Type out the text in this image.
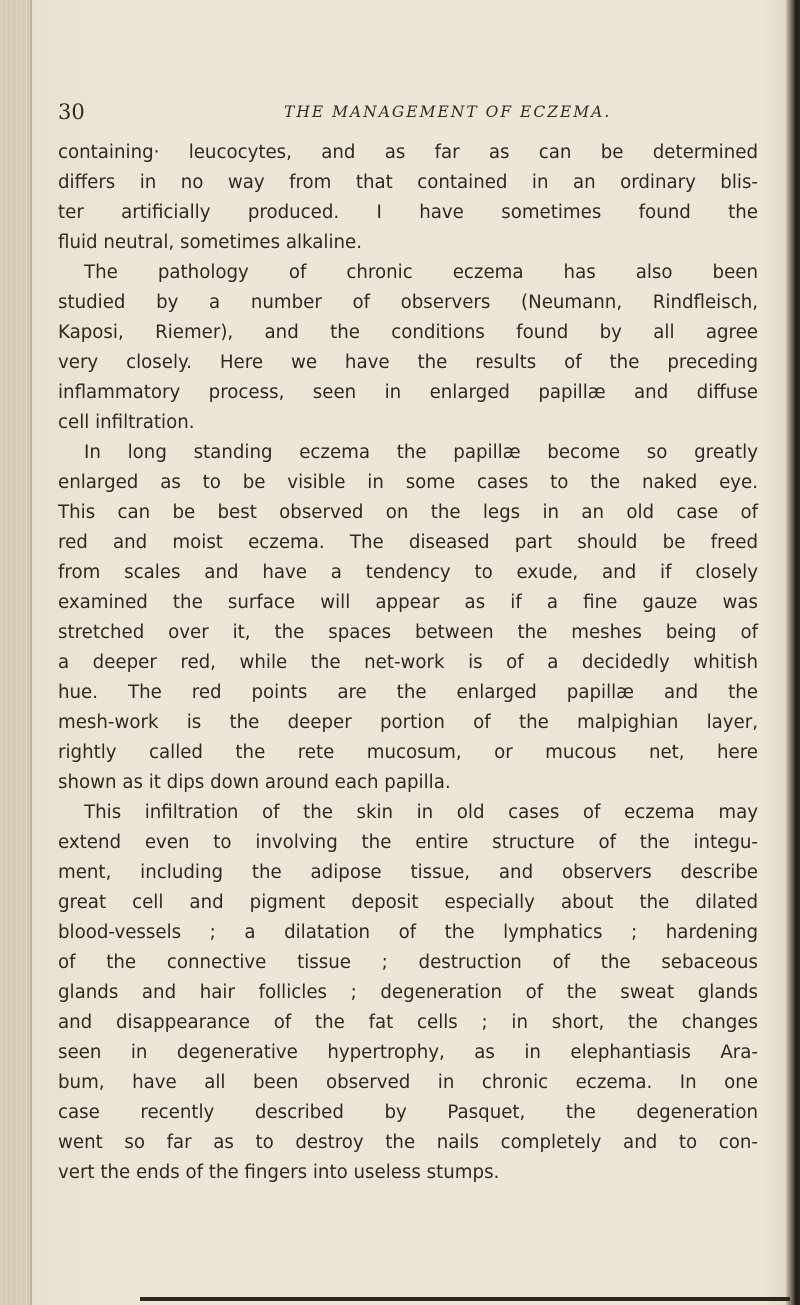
30	THE MANAGEMENT OF ECZEMA.
containing· leucocytes, and as far as can be determined
differs in no way from that contained in an ordinary blis-
ter artificially produced. I have sometimes found the
fluid neutral, sometimes alkaline.
The pathology of chronic eczema has also been
studied by a number of observers (Neumann, Rindfleisch,
Kaposi, Riemer), and the conditions found by all agree
very closely. Here we have the results of the preceding
inflammatory process, seen in enlarged papillæ and diffuse
cell infiltration.
In long standing eczema the papillæ become so greatly
enlarged as to be visible in some cases to the naked eye.
This can be best observed on the legs in an old case of
red and moist eczema. The diseased part should be freed
from scales and have a tendency to exude, and if closely
examined the surface will appear as if a fine gauze was
stretched over it, the spaces between the meshes being of
a deeper red, while the net-work is of a decidedly whitish
hue. The red points are the enlarged papillæ and the
mesh-work is the deeper portion of the malpighian layer,
rightly called the rete mucosum, or mucous net, here
shown as it dips down around each papilla.
This infiltration of the skin in old cases of eczema may
extend even to involving the entire structure of the integu-
ment, including the adipose tissue, and observers describe
great cell and pigment deposit especially about the dilated
blood-vessels ; a dilatation of the lymphatics ; hardening
of the connective tissue ; destruction of the sebaceous
glands and hair follicles ; degeneration of the sweat glands
and disappearance of the fat cells ; in short, the changes
seen in degenerative hypertrophy, as in elephantiasis Ara-
bum, have all been observed in chronic eczema. In one
case recently described by Pasquet, the degeneration
went so far as to destroy the nails completely and to con-
vert the ends of the fingers into useless stumps.
